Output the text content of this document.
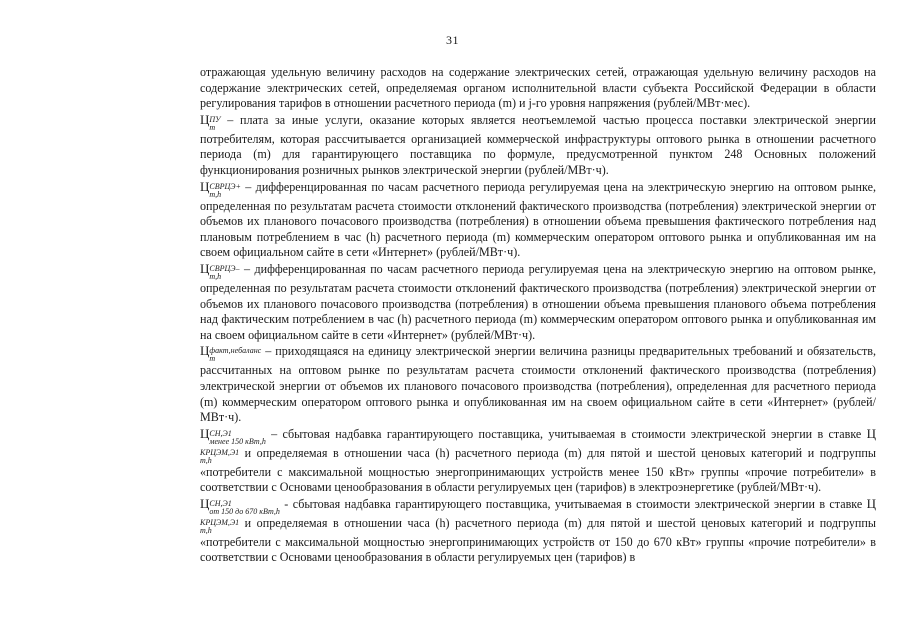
31

отражающая удельную величину расходов на содержание электрических сетей, отражающая удельную величину расходов на содержание электрических сетей, определяемая органом исполнительной власти субъекта Российской Федерации в области регулирования тарифов в отношении расчетного периода (m) и j-го уровня напряжения (рублей/МВт·мес).

Ц ПУ
m
– плата за иные услуги, оказание которых является неотъемлемой частью процесса поставки электрической энергии потребителям, которая рассчитывается организацией коммерческой инфраструктуры оптового рынка в отношении расчетного периода (m) для гарантирующего поставщика по формуле, предусмотренной пунктом 248 Основных положений функционирования розничных рынков электрической энергии (рублей/МВт·ч).

Ц СВРЦЭ+
m,h
– дифференцированная по часам расчетного периода регулируемая цена на электрическую энергию на оптовом рынке, определенная по результатам расчета стоимости отклонений фактического производства (потребления) электрической энергии от объемов их планового почасового производства (потребления) в отношении объема превышения фактического потребления над плановым потреблением в час (h) расчетного периода (m) коммерческим оператором оптового рынка и опубликованная им на своем официальном сайте в сети «Интернет» (рублей/МВт·ч).

Ц СВРЦЭ–
m,h
– дифференцированная по часам расчетного периода регулируемая цена на электрическую энергию на оптовом рынке, определенная по результатам расчета стоимости отклонений фактического производства (потребления) электрической энергии от объемов их планового почасового производства (потребления) в отношении объема превышения планового объема потребления над фактическим потреблением в час (h) расчетного периода (m) коммерческим оператором оптового рынка и опубликованная им на своем официальном сайте в сети «Интернет» (рублей/МВт·ч).

Ц факт,небаланс
m
– приходящаяся на единицу электрической энергии величина разницы предварительных требований и обязательств, рассчитанных на оптовом рынке по результатам расчета стоимости отклонений фактического производства (потребления) электрической энергии от объемов их планового почасового производства (потребления), определенная для расчетного периода (m) коммерческим оператором оптового рынка и опубликованная им на своем официальном сайте в сети «Интернет» (рублей/МВт·ч).

Ц СН,Э1
менее 150 кВт,h
– сбытовая надбавка гарантирующего поставщика, учитываемая в стоимости электрической энергии в ставке Ц
КРЦЭМ,Э1
m,h
и определяемая в отношении часа (h) расчетного периода (m) для пятой и шестой ценовых категорий и подгруппы «потребители с максимальной мощностью энергопринимающих устройств менее 150 кВт» группы «прочие потребители» в соответствии с Основами ценообразования в области регулируемых цен (тарифов) в электроэнергетике (рублей/МВт·ч).

Ц СН,Э1
от 150 до 670 кВт,h
- сбытовая надбавка гарантирующего поставщика, учитываемая в стоимости электрической энергии в ставке Ц
КРЦЭМ,Э1
m,h
и определяемая в отношении часа (h) расчетного периода (m) для пятой и шестой ценовых категорий и подгруппы «потребители с максимальной мощностью энергопринимающих устройств от 150 до 670 кВт» группы «прочие потребители» в соответствии с Основами ценообразования в области регулируемых цен (тарифов) в
